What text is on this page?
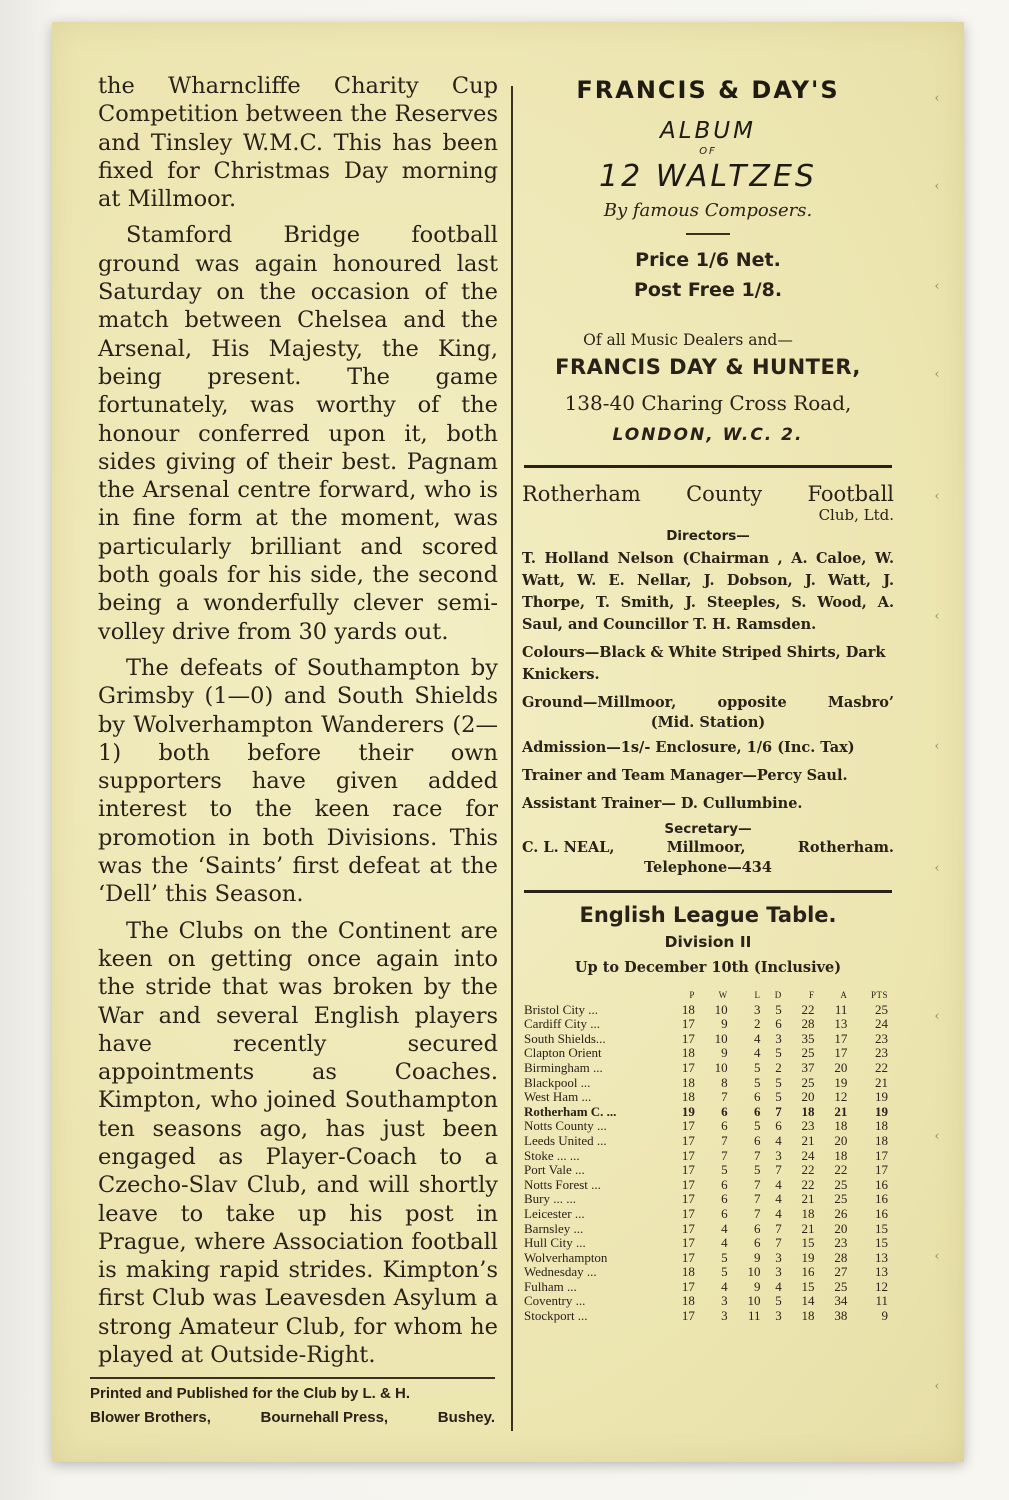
‹
‹
‹
‹
‹
‹
‹
‹
‹
‹
‹
‹

the Wharncliffe Charity Cup Competition between the Reserves and Tinsley W.M.C. This has been fixed for Christmas Day morning at Millmoor.

Stamford Bridge football ground was again honoured last Saturday on the occasion of the match between Chelsea and the Arsenal, His Majesty, the King, being present. The game fortunately, was worthy of the honour conferred upon it, both sides giving of their best. Pagnam the Arsenal centre forward, who is in fine form at the moment, was particularly brilliant and scored both goals for his side, the second being a wonderfully clever semi-volley drive from 30 yards out.

The defeats of Southampton by Grimsby (1—0) and South Shields by Wolverhampton Wanderers (2—1) both before their own supporters have given added interest to the keen race for promotion in both Divisions. This was the ‘Saints’ first defeat at the ‘Dell’ this Season.

The Clubs on the Continent are keen on getting once again into the stride that was broken by the War and several English players have recently secured appointments as Coaches. Kimpton, who joined Southampton ten seasons ago, has just been engaged as Player-Coach to a Czecho-Slav Club, and will shortly leave to take up his post in Prague, where Association football is making rapid strides. Kimpton’s first Club was Leavesden Asylum a strong Amateur Club, for whom he played at Outside-Right.

Printed and Published for the Club by L. & H.
Blower Brothers,	Bournehall Press,	Bushey.
FRANCIS & DAY'S
ALBUM
OF
12 WALTZES
By famous Composers.
Price 1/6 Net.
Post Free 1/8.
Of all Music Dealers and—
FRANCIS DAY & HUNTER,
138-40 Charing Cross Road,
LONDON, W.C. 2.
Rotherham County Football
Club, Ltd.
Directors—
T. Holland Nelson (Chairman , A. Caloe, W. Watt, W. E. Nellar, J. Dobson, J. Watt, J. Thorpe, T. Smith, J. Steeples, S. Wood, A. Saul, and Councillor T. H. Ramsden.
Colours—Black & White Striped Shirts, Dark Knickers.
Ground—Millmoor,	opposite	Masbro’
(Mid. Station)
Admission—1s/- Enclosure, 1/6 (Inc. Tax)
Trainer and Team Manager—Percy Saul.
Assistant Trainer— D. Cullumbine.
Secretary—
C. L. NEAL,	Millmoor,	Rotherham.
Telephone—434
English League Table.
Division II
Up to December 10th (Inclusive)
	P	W	L	D	F	A	PTS
Bristol City ...	18	10	3	5	22	11	25
Cardiff City ...	17	9	2	6	28	13	24
South Shields...	17	10	4	3	35	17	23
Clapton Orient	18	9	4	5	25	17	23
Birmingham ...	17	10	5	2	37	20	22
Blackpool ...	18	8	5	5	25	19	21
West Ham ...	18	7	6	5	20	12	19
Rotherham C. ...	19	6	6	7	18	21	19
Notts County ...	17	6	5	6	23	18	18
Leeds United ...	17	7	6	4	21	20	18
Stoke ... ...	17	7	7	3	24	18	17
Port Vale ...	17	5	5	7	22	22	17
Notts Forest ...	17	6	7	4	22	25	16
Bury ... ...	17	6	7	4	21	25	16
Leicester ...	17	6	7	4	18	26	16
Barnsley ...	17	4	6	7	21	20	15
Hull City ...	17	4	6	7	15	23	15
Wolverhampton	17	5	9	3	19	28	13
Wednesday ...	18	5	10	3	16	27	13
Fulham ...	17	4	9	4	15	25	12
Coventry ...	18	3	10	5	14	34	11
Stockport ...	17	3	11	3	18	38	9
